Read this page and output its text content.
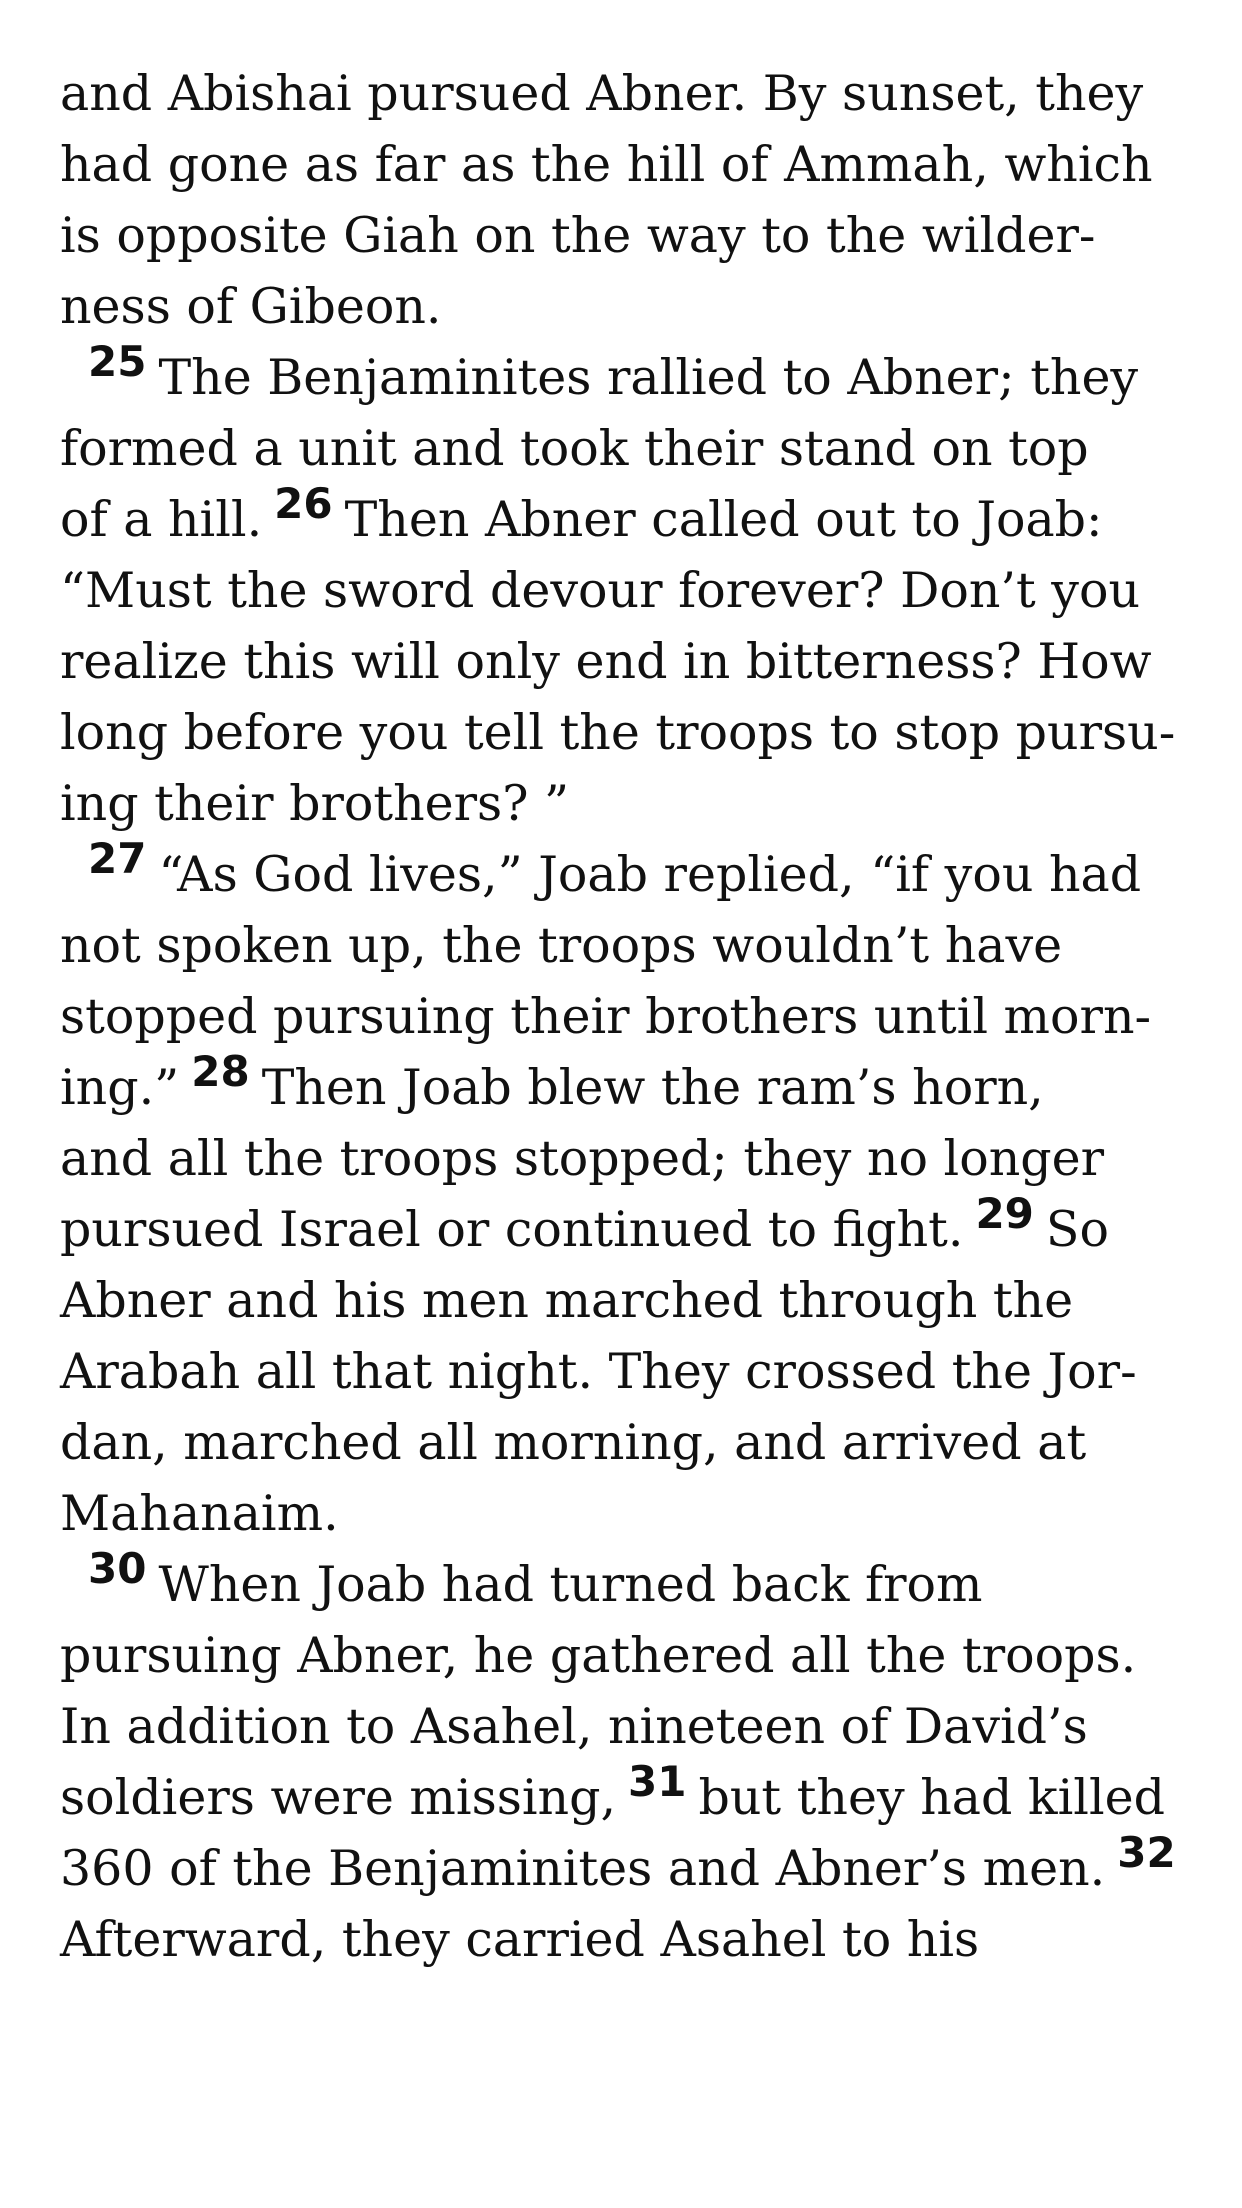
and Abishai pursued Abner. By sunset, they
had gone as far as the hill of Ammah, which
is opposite Giah on the way to the wilder-
ness of Gibeon.
25 The Benjaminites rallied to Abner; they
formed a unit and took their stand on top
of a hill. 26 Then Abner called out to Joab:
“Must the sword devour forever? Don’t you
realize this will only end in bitterness? How
long before you tell the troops to stop pursu-
ing their brothers? ”
27 “As God lives,” Joab replied, “if you had
not spoken up, the troops wouldn’t have
stopped pursuing their brothers until morn-
ing.” 28 Then Joab blew the ram’s horn,
and all the troops stopped; they no longer
pursued Israel or continued to fight. 29 So
Abner and his men marched through the
Arabah all that night. They crossed the Jor-
dan, marched all morning, and arrived at
Mahanaim.
30 When Joab had turned back from
pursuing Abner, he gathered all the troops.
In addition to Asahel, nineteen of David’s
soldiers were missing, 31 but they had killed
360 of the Benjaminites and Abner’s men. 32
Afterward, they carried Asahel to his
